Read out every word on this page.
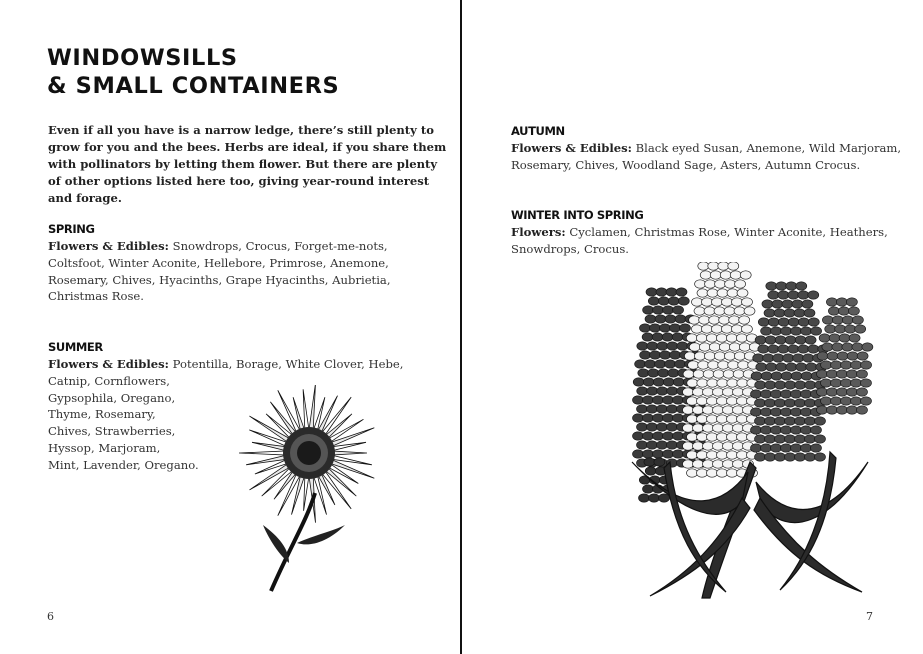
WINDOWSILLS
& SMALL CONTAINERS

Even if all you have is a narrow ledge, there’s still plenty to
grow for you and the bees. Herbs are ideal, if you share them
with pollinators by letting them flower. But there are plenty
of other options listed here too, giving year-round interest
and forage.

SPRING
Flowers & Edibles: Snowdrops, Crocus, Forget-me-nots,
Coltsfoot, Winter Aconite, Hellebore, Primrose, Anemone,
Rosemary, Chives, Hyacinths, Grape Hyacinths, Aubrietia,
Christmas Rose.
SUMMER
Flowers & Edibles: Potentilla, Borage, White Clover, Hebe,
Catnip, Cornflowers,
Gypsophila, Oregano,
Thyme, Rosemary,
Chives, Strawberries,
Hyssop, Marjoram,
Mint, Lavender, Oregano.
6
AUTUMN
Flowers & Edibles: Black eyed Susan, Anemone, Wild Marjoram,
Rosemary, Chives, Woodland Sage, Asters, Autumn Crocus.
WINTER INTO SPRING
Flowers: Cyclamen, Christmas Rose, Winter Aconite, Heathers,
Snowdrops, Crocus.
7
